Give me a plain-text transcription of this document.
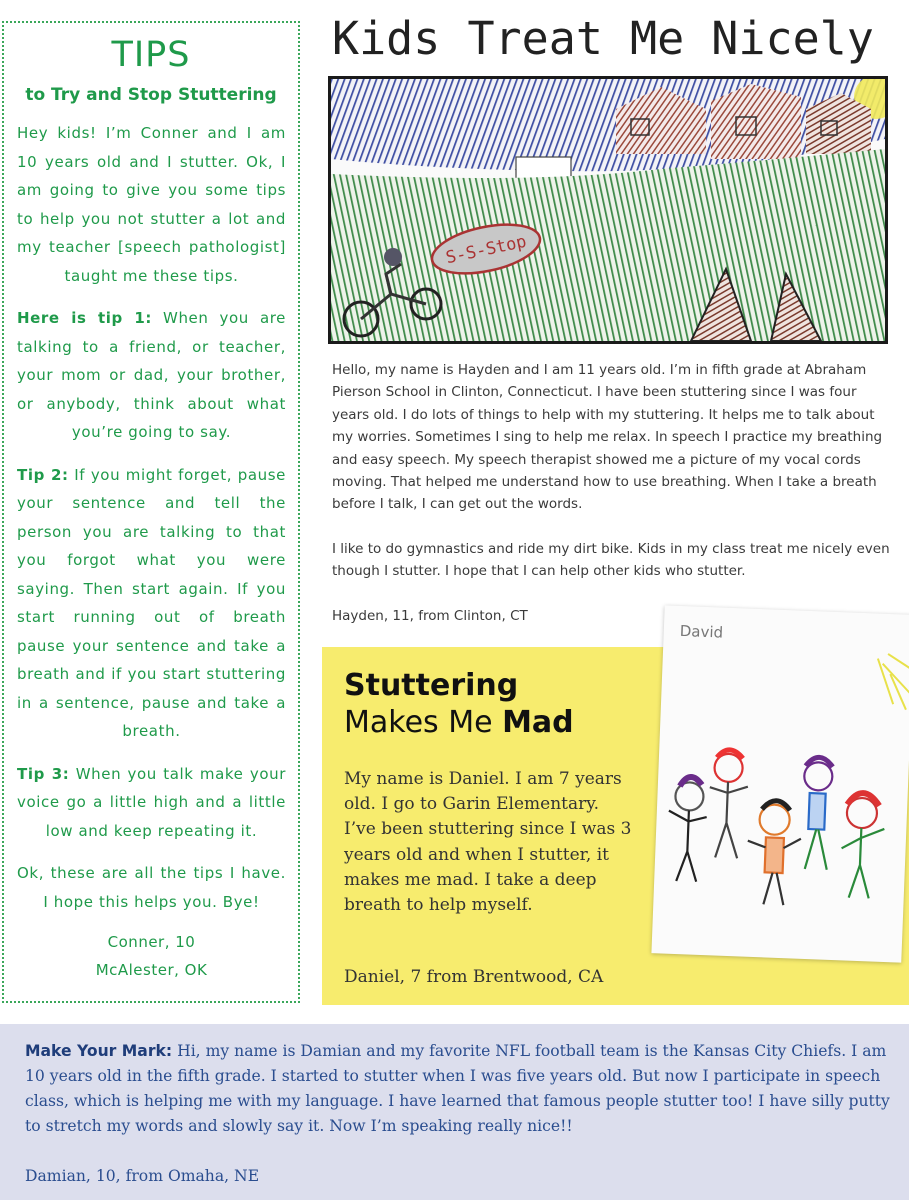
TIPS
to Try and Stop Stuttering

Hey kids! I’m Conner and I am 10 years old and I stutter. Ok, I am going to give you some tips to help you not stutter a lot and my teacher [speech pathologist] taught me these tips.

Here is tip 1: When you are talking to a friend, or teacher, your mom or dad, your brother, or anybody, think about what you’re going to say.

Tip 2: If you might forget, pause your sentence and tell the person you are talking to that you forgot what you were saying. Then start again. If you start running out of breath pause your sentence and take a breath and if you start stuttering in a sentence, pause and take a breath.

Tip 3: When you talk make your voice go a little high and a little low and keep repeating it.

Ok, these are all the tips I have. I hope this helps you. Bye!

Conner, 10
McAlester, OK

Kids Treat Me Nicely
S-S-Stop

Hello, my name is Hayden and I am 11 years old. I’m in fifth grade at Abraham Pierson School in Clinton, Connecticut. I have been stuttering since I was four years old. I do lots of things to help with my stuttering. It helps me to talk about my worries. Sometimes I sing to help me relax. In speech I practice my breathing and easy speech. My speech therapist showed me a picture of my vocal cords moving. That helped me understand how to use breathing. When I take a breath before I talk, I can get out the words.

I like to do gymnastics and ride my dirt bike. Kids in my class treat me nicely even though I stutter. I hope that I can help other kids who stutter.

Hayden, 11, from Clinton, CT

Stuttering
Makes Me Mad

My name is Daniel. I am 7 years old. I go to Garin Elementary. I’ve been stuttering since I was 3 years old and when I stutter, it makes me mad. I take a deep breath to help myself.

Daniel, 7 from Brentwood, CA

David

Make Your Mark: Hi, my name is Damian and my favorite NFL football team is the Kansas City Chiefs. I am 10 years old in the fifth grade. I started to stutter when I was five years old. But now I participate in speech class, which is helping me with my language. I have learned that famous people stutter too! I have silly putty to stretch my words and slowly say it. Now I’m speaking really nice!!

Damian, 10, from Omaha, NE
